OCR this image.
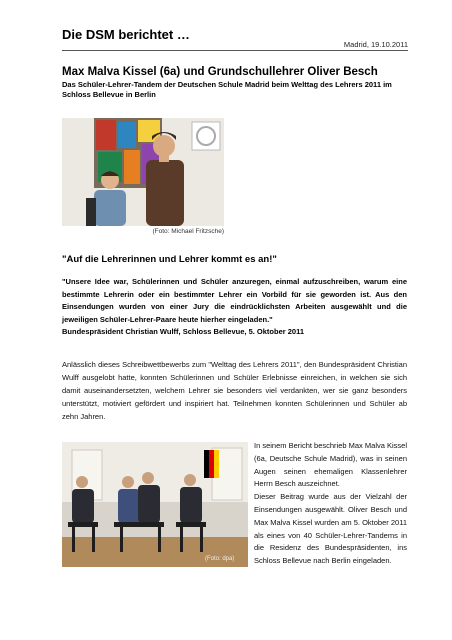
Die DSM berichtet …
Madrid, 19.10.2011
Max Malva Kissel (6a) und Grundschullehrer Oliver Besch
Das Schüler-Lehrer-Tandem der Deutschen Schule Madrid beim Welttag des Lehrers 2011 im Schloss Bellevue in Berlin
(Foto: Michael Fritzsche)
"Auf die Lehrerinnen und Lehrer kommt es an!"
"Unsere Idee war, Schülerinnen und Schüler anzuregen, einmal aufzuschreiben, warum eine bestimmte Lehrerin oder ein bestimmter Lehrer ein Vorbild für sie geworden ist. Aus den Einsendungen wurden von einer Jury die eindrücklichsten Arbeiten ausgewählt und die jeweiligen Schüler-Lehrer-Paare heute hierher eingeladen."
Bundespräsident Christian Wulff, Schloss Bellevue, 5. Oktober 2011
Anlässlich dieses Schreibwettbewerbs zum "Welttag des Lehrers 2011", den Bundespräsident Christian Wulff ausgelobt hatte, konnten Schülerinnen und Schüler Erlebnisse einreichen, in welchen sie sich damit auseinandersetzten, welchem Lehrer sie besonders viel verdankten, wer sie ganz besonders unterstützt, motiviert gefördert und inspiriert hat. Teilnehmen konnten Schülerinnen und Schüler ab zehn Jahren.
(Foto: dpa)
In seinem Bericht beschrieb Max Malva Kissel (6a, Deutsche Schule Madrid), was in seinen Augen seinen ehemaligen Klassenlehrer Herrn Besch auszeichnet.
Dieser Beitrag wurde aus der Vielzahl der Einsendungen ausgewählt. Oliver Besch und Max Malva Kissel wurden am 5. Oktober 2011 als eines von 40 Schüler-Lehrer-Tandems in die Residenz des Bundespräsidenten, ins Schloss Bellevue nach Berlin eingeladen.
